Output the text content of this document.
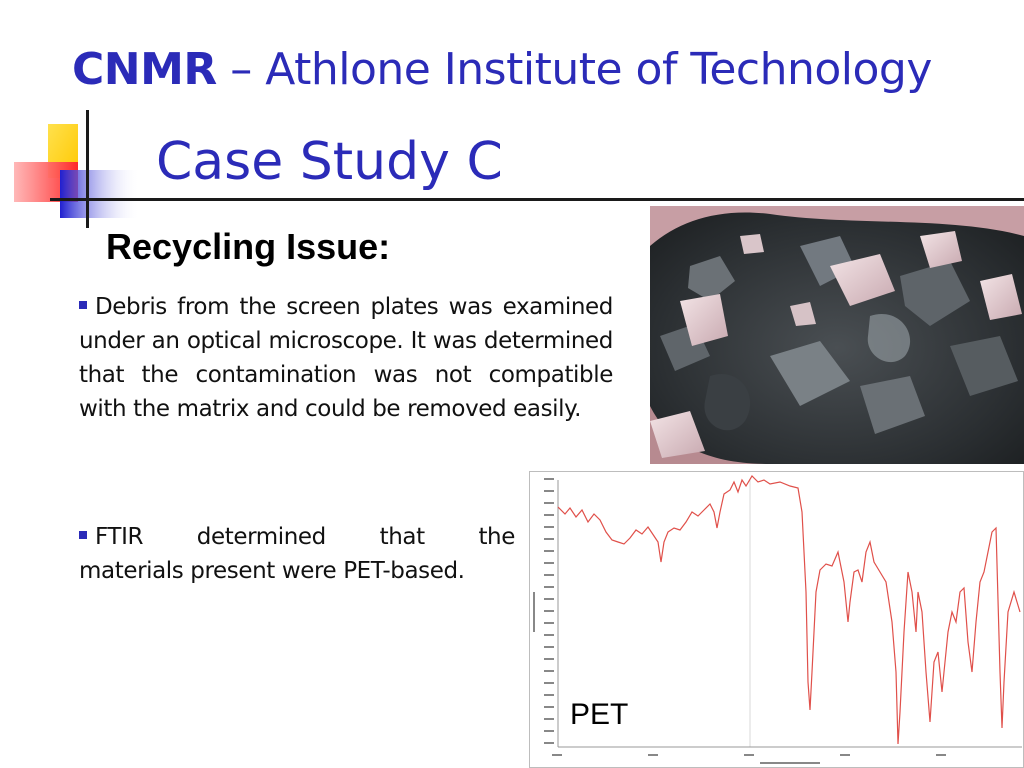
CNMR – Athlone Institute of Technology
Case Study C
Recycling Issue:
Debris from the screen plates was examined under an optical microscope. It was determined that the contamination was not compatible with the matrix and could be removed easily.
FTIR determined that the
materials present were PET-based.
PET
